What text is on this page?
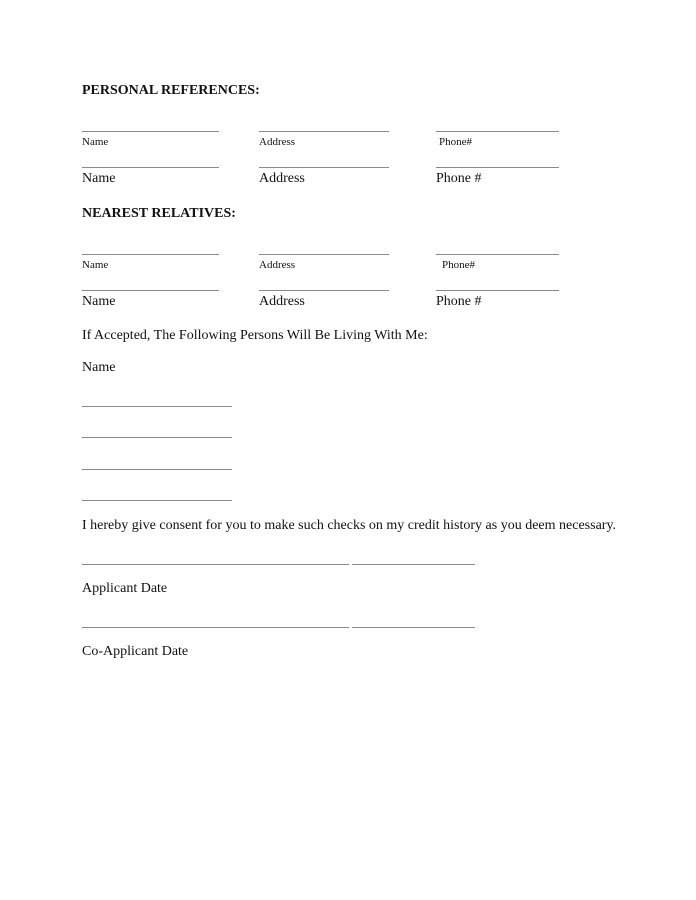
PERSONAL REFERENCES:
Name	Address	Phone#
Name	Address	Phone #
NEAREST RELATIVES:
Name	Address	Phone#
Name	Address	Phone #
If Accepted, The Following Persons Will Be Living With Me:
Name
I hereby give consent for you to make such checks on my credit history as you deem necessary.
Applicant Date
Co-Applicant Date
